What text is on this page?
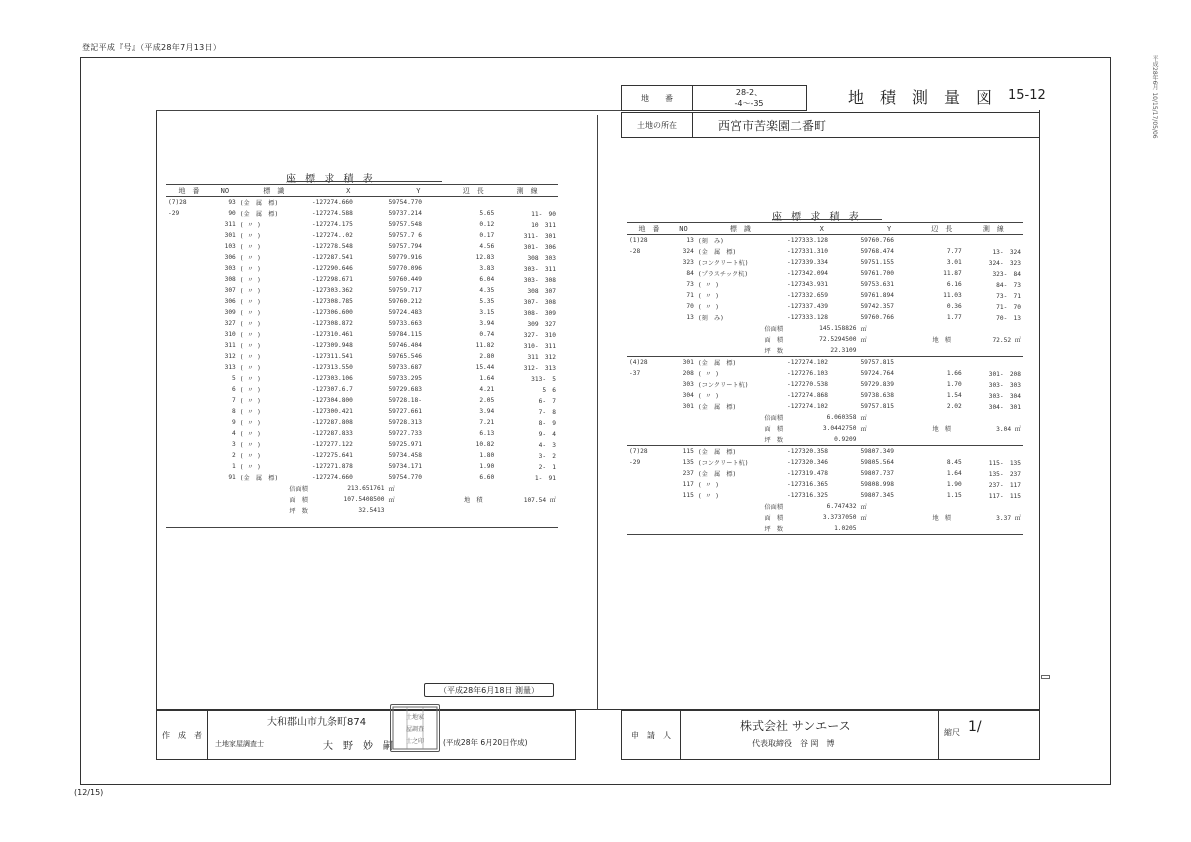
登記平成『号』（平成28年7月13日）
平成28年6月 10/15/17/05/06
地　　番
28-2、
-4～-35	地　積　測　量　図 15-12
土地の所在	西宮市苦楽園二番町
座 標 求 積 表
地　番	NO	標　識	X	Y	辺　長	測　線
(7)28	93	(金　属　標)	-127274.660	59754.770		
-29	90	(金　属　標)	-127274.588	59737.214	5.65	11-　90
	311	( 〃 )	-127274.175	59757.548	0.12	10　311
	301	( 〃 )	-127274..02	59757.7 6	0.17	311-　301
	103	( 〃 )	-127278.548	59757.794	4.56	301-　306
	306	( 〃 )	-127287.541	59779.916	12.83	308　303
	303	( 〃 )	-127290.646	59770.096	3.83	303-　311
	308	( 〃 )	-127298.671	59760.449	6.04	303-　308
	307	( 〃 )	-127303.362	59759.717	4.35	308　307
	306	( 〃 )	-127308.785	59760.212	5.35	307-　308
	309	( 〃 )	-127306.600	59724.483	3.15	308-　309
	327	( 〃 )	-127308.872	59733.663	3.94	309　327
	310	( 〃 )	-127310.461	59784.115	0.74	327-　310
	311	( 〃 )	-127309.948	59746.404	11.82	310-　311
	312	( 〃 )	-127311.541	59765.546	2.80	311　312
	313	( 〃 )	-127313.550	59733.687	15.44	312-　313
	5	( 〃 )	-127303.106	59733.295	1.64	313-　5
	6	( 〃 )	-127307.6.7	59729.683	4.21	5　6
	7	( 〃 )	-127304.800	59728.18-	2.05	6-　7
	8	( 〃 )	-127300.421	59727.661	3.94	7-　8
	9	( 〃 )	-127287.808	59728.313	7.21	8-　9
	4	( 〃 )	-127287.833	59727.733	6.13	9-　4
	3	( 〃 )	-127277.122	59725.971	10.82	4-　3
	2	( 〃 )	-127275.641	59734.458	1.80	3-　2
	1	( 〃 )	-127271.878	59734.171	1.90	2-　1
	91	(金　属　標)	-127274.660	59754.770	6.60	1-　91
		倍面積	213.651761	㎡		
		面　積	107.5408500	㎡	地　積	107.54 ㎡
		坪　数	32.5413			
座 標 求 積 表
地　番	NO	標　識	X	Y	辺　長	測　線
(1)28	13	(刻　み)	-127333.128	59760.766		
-28	324	(金　属　標)	-127331.310	59768.474	7.77	13-　324
	323	(コンクリート杭)	-127339.334	59751.155	3.01	324-　323
	84	(プラスチック杭)	-127342.094	59761.700	11.87	323-　84
	73	( 〃 )	-127343.931	59753.631	6.16	84-　73
	71	( 〃 )	-127332.659	59761.894	11.03	73-　71
	70	( 〃 )	-127337.439	59742.357	0.36	71-　70
	13	(刻　み)	-127333.128	59760.766	1.77	70-　13
		倍面積	145.158826	㎡		
		面　積	72.5294500	㎡	地　積	72.52 ㎡
		坪　数	22.3109			

(4)28	301	(金　属　標)	-127274.102	59757.815		
-37	208	( 〃 )	-127276.103	59724.764	1.66	301-　208
	303	(コンクリート杭)	-127270.538	59729.839	1.70	303-　303
	304	( 〃 )	-127274.868	59738.638	1.54	303-　304
	301	(金　属　標)	-127274.102	59757.815	2.02	304-　301
		倍面積	6.060358	㎡		
		面　積	3.0442750	㎡	地　積	3.04 ㎡
		坪　数	0.9209			

(7)28	115	(金　属　標)	-127320.358	59807.349		
-29	135	(コンクリート杭)	-127320.346	59805.564	8.45	115-　135
	237	(金　属　標)	-127319.478	59807.737	1.64	135-　237
	117	( 〃 )	-127316.365	59808.998	1.90	237-　117
	115	( 〃 )	-127316.325	59807.345	1.15	117-　115
		倍面積	6.747432	㎡		
		面　積	3.3737050	㎡	地　積	3.37 ㎡
		坪　数	1.0205			

（平成28年6月18日 測量）
作　成　者
大和郡山市九条町874
土地家屋調査士	大　野　妙　嗣	(平成28年 6月20日作成)
土地家
屋調査
士之印
申　請　人
株式会社 サンエース
代表取締役　谷 岡　博
縮尺 1/
(12/15)
